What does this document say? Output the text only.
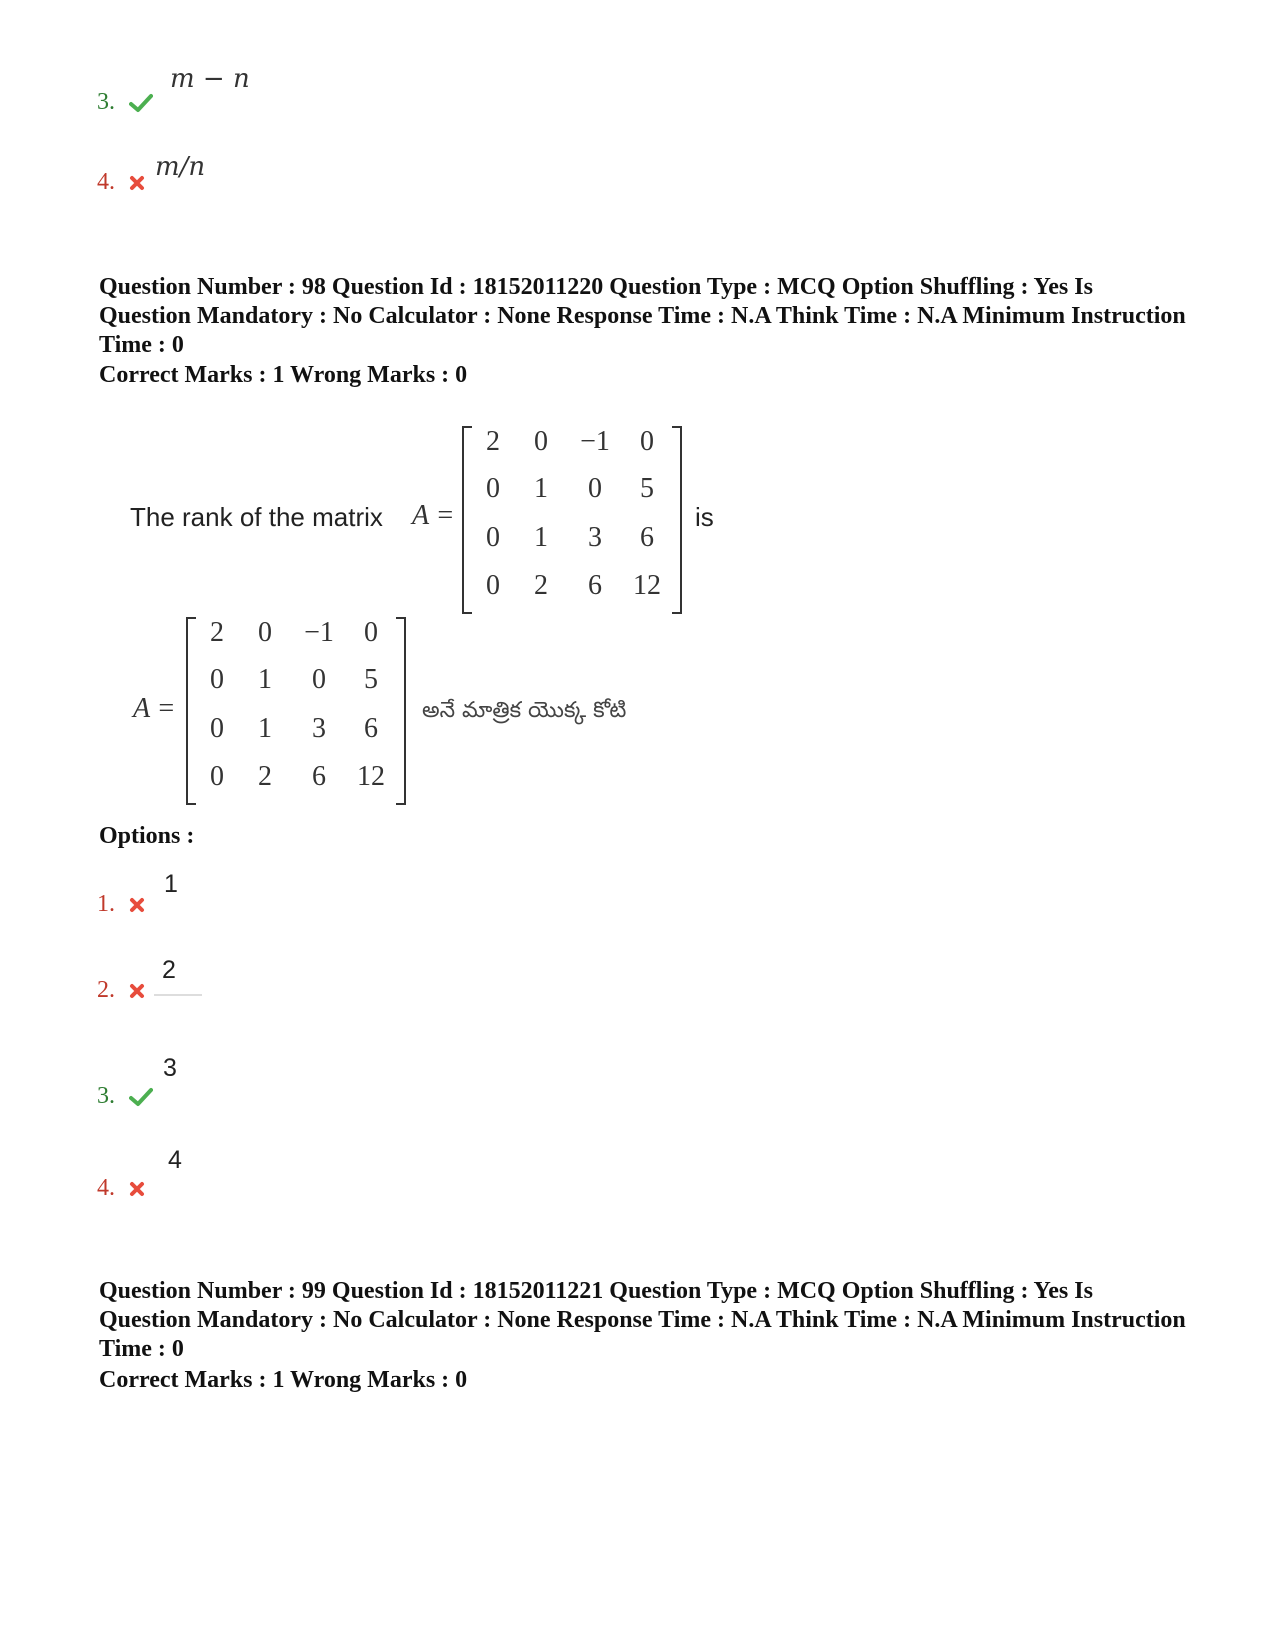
3.
m − n
4.	m/n
Question Number : 98 Question Id : 18152011220 Question Type : MCQ Option Shuffling : Yes Is Question Mandatory : No Calculator : None Response Time : N.A Think Time : N.A Minimum Instruction Time : 0
Correct Marks : 1 Wrong Marks : 0
The rank of the matrix A =
2	0	−1	0
0	1	0	5
0	1	3	6
0	2	6	12
is
A =
2	0	−1	0
0	1	0	5
0	1	3	6
0	2	6	12
అనే మాత్రిక యొక్క కోటి
Options :
1.
1
2.
2
3.
3
4.
4
Question Number : 99 Question Id : 18152011221 Question Type : MCQ Option Shuffling : Yes Is Question Mandatory : No Calculator : None Response Time : N.A Think Time : N.A Minimum Instruction Time : 0
Correct Marks : 1 Wrong Marks : 0
